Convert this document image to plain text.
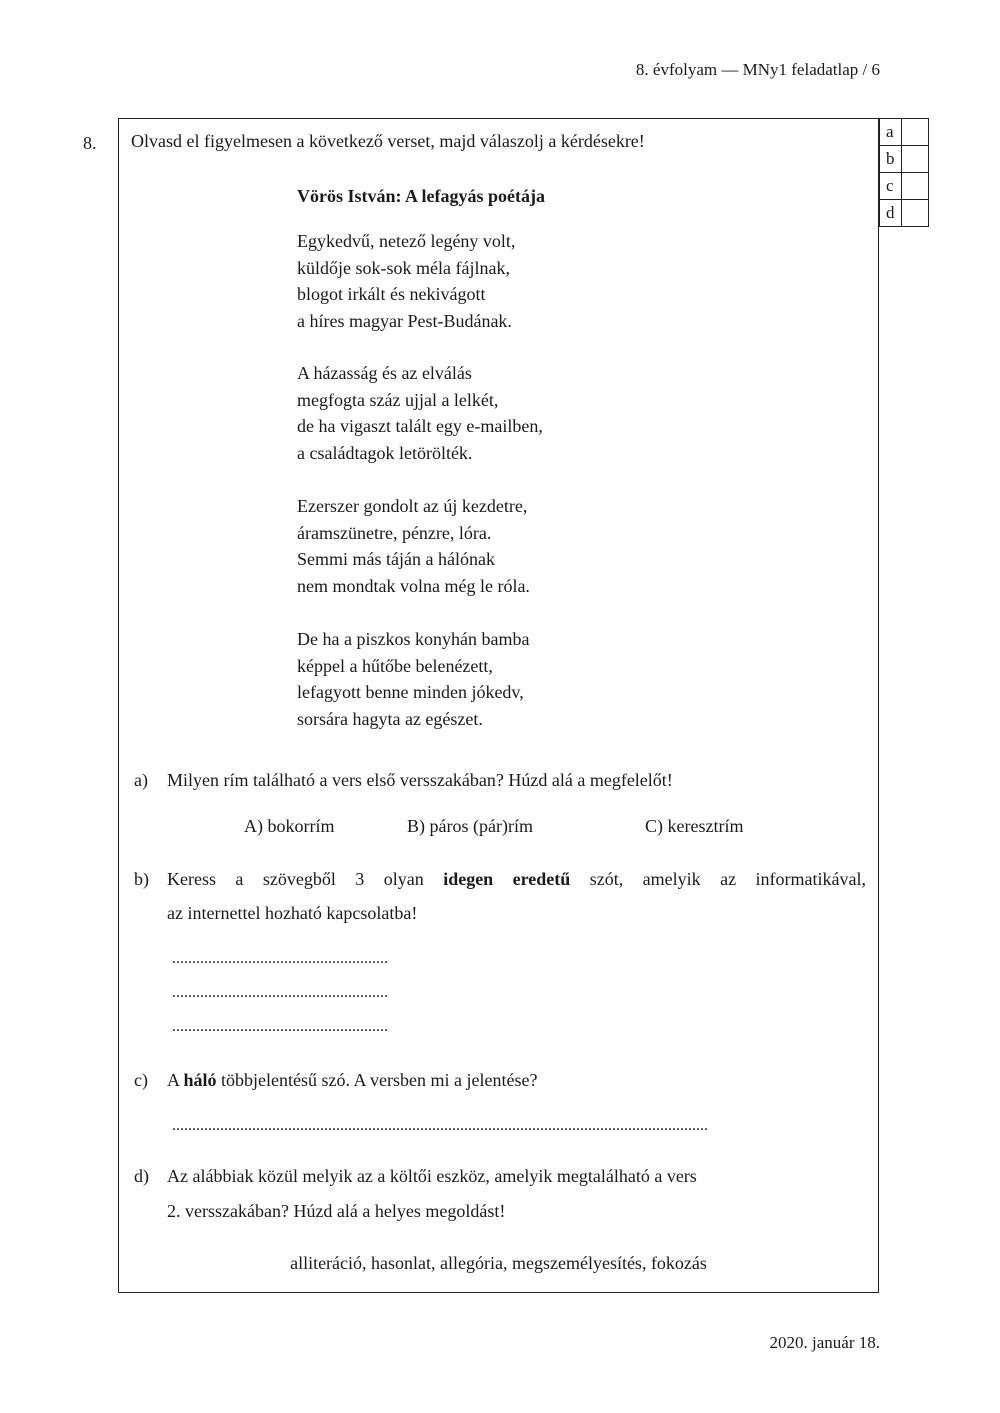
8. évfolyam — MNy1 feladatlap / 6
8.
a	
b	
c	
d	
Olvasd el figyelmesen a következő verset, majd válaszolj a kérdésekre!
Vörös István: A lefagyás poétája
Egykedvű, netező legény volt,
küldője sok-sok méla fájlnak,
blogot irkált és nekivágott
a híres magyar Pest-Budának.
A házasság és az elválás
megfogta száz ujjal a lelkét,
de ha vigaszt talált egy e-mailben,
a családtagok letörölték.
Ezerszer gondolt az új kezdetre,
áramszünetre, pénzre, lóra.
Semmi más táján a hálónak
nem mondtak volna még le róla.
De ha a piszkos konyhán bamba
képpel a hűtőbe belenézett,
lefagyott benne minden jókedv,
sorsára hagyta az egészet.
a) Milyen rím található a vers első versszakában? Húzd alá a megfelelőt!
A) bokorrím	B) páros (pár)rím	C) keresztrím
b) Keress a szövegből 3 olyan idegen eredetű szót, amelyik az informatikával,
az internettel hozható kapcsolatba!
......................................................
......................................................
......................................................
c) A háló többjelentésű szó. A versben mi a jelentése?
......................................................................................................................................
d) Az alábbiak közül melyik az a költői eszköz, amelyik megtalálható a vers
2. versszakában? Húzd alá a helyes megoldást!
alliteráció, hasonlat, allegória, megszemélyesítés, fokozás
2020. január 18.
